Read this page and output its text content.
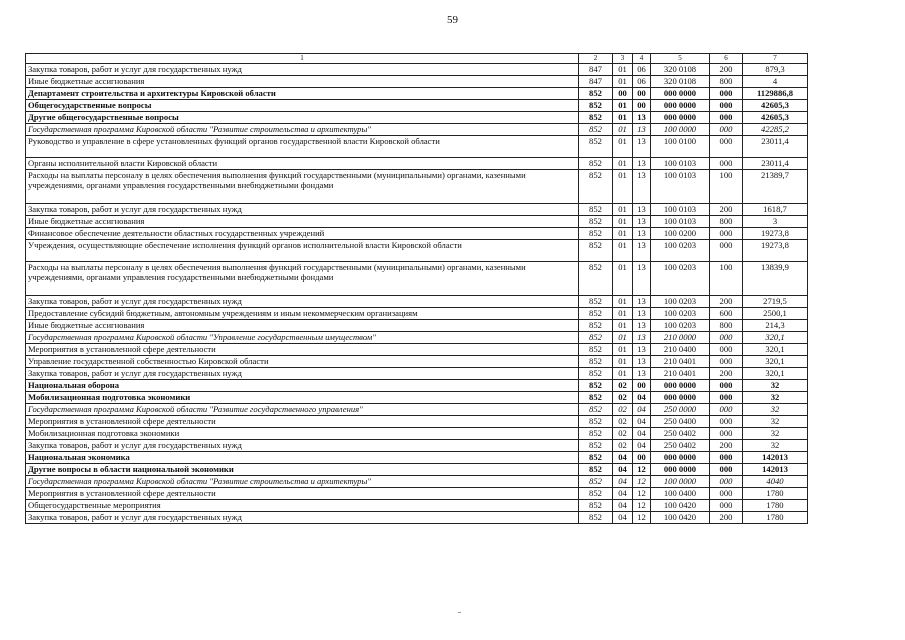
59
1	2	3	4	5	6	7
Закупка товаров, работ и услуг для государственных нужд	847	01	06	320 0108	200	879,3
Иные бюджетные ассигнования	847	01	06	320 0108	800	4
Департамент строительства и архитектуры Кировской области	852	00	00	000 0000	000	1129886,8
Общегосударственные вопросы	852	01	00	000 0000	000	42605,3
Другие общегосударственные вопросы	852	01	13	000 0000	000	42605,3
Государственная программа Кировской области "Развитие строительства и архитектуры"	852	01	13	100 0000	000	42285,2
Руководство и управление в сфере установленных функций органов государственной власти Кировской области	852	01	13	100 0100	000	23011,4
Органы исполнительной власти Кировской области	852	01	13	100 0103	000	23011,4
Расходы на выплаты персоналу в целях обеспечения выполнения функций государственными (муниципальными) органами, казенными учреждениями, органами управления государственными внебюджетными фондами	852	01	13	100 0103	100	21389,7
Закупка товаров, работ и услуг для государственных нужд	852	01	13	100 0103	200	1618,7
Иные бюджетные ассигнования	852	01	13	100 0103	800	3
Финансовое обеспечение деятельности областных государственных учреждений	852	01	13	100 0200	000	19273,8
Учреждения, осуществляющие обеспечение исполнения функций органов исполнительной власти Кировской области	852	01	13	100 0203	000	19273,8
Расходы на выплаты персоналу в целях обеспечения выполнения функций государственными (муниципальными) органами, казенными учреждениями, органами управления государственными внебюджетными фондами	852	01	13	100 0203	100	13839,9
Закупка товаров, работ и услуг для государственных нужд	852	01	13	100 0203	200	2719,5
Предоставление субсидий бюджетным, автономным учреждениям и иным некоммерческим организациям	852	01	13	100 0203	600	2500,1
Иные бюджетные ассигнования	852	01	13	100 0203	800	214,3
Государственная программа Кировской области "Управление государственным имуществом"	852	01	13	210 0000	000	320,1
Мероприятия в установленной сфере деятельности	852	01	13	210 0400	000	320,1
Управление государственной собственностью Кировской области	852	01	13	210 0401	000	320,1
Закупка товаров, работ и услуг для государственных нужд	852	01	13	210 0401	200	320,1
Национальная оборона	852	02	00	000 0000	000	32
Мобилизационная подготовка экономики	852	02	04	000 0000	000	32
Государственная программа Кировской области "Развитие государственного управления"	852	02	04	250 0000	000	32
Мероприятия в установленной сфере деятельности	852	02	04	250 0400	000	32
Мобилизационная подготовка экономики	852	02	04	250 0402	000	32
Закупка товаров, работ и услуг для государственных нужд	852	02	04	250 0402	200	32
Национальная экономика	852	04	00	000 0000	000	142013
Другие вопросы в области национальной экономики	852	04	12	000 0000	000	142013
Государственная программа Кировской области "Развитие строительства и архитектуры"	852	04	12	100 0000	000	4040
Мероприятия в установленной сфере деятельности	852	04	12	100 0400	000	1780
Общегосударственные мероприятия	852	04	12	100 0420	000	1780
Закупка товаров, работ и услуг для государственных нужд	852	04	12	100 0420	200	1780
